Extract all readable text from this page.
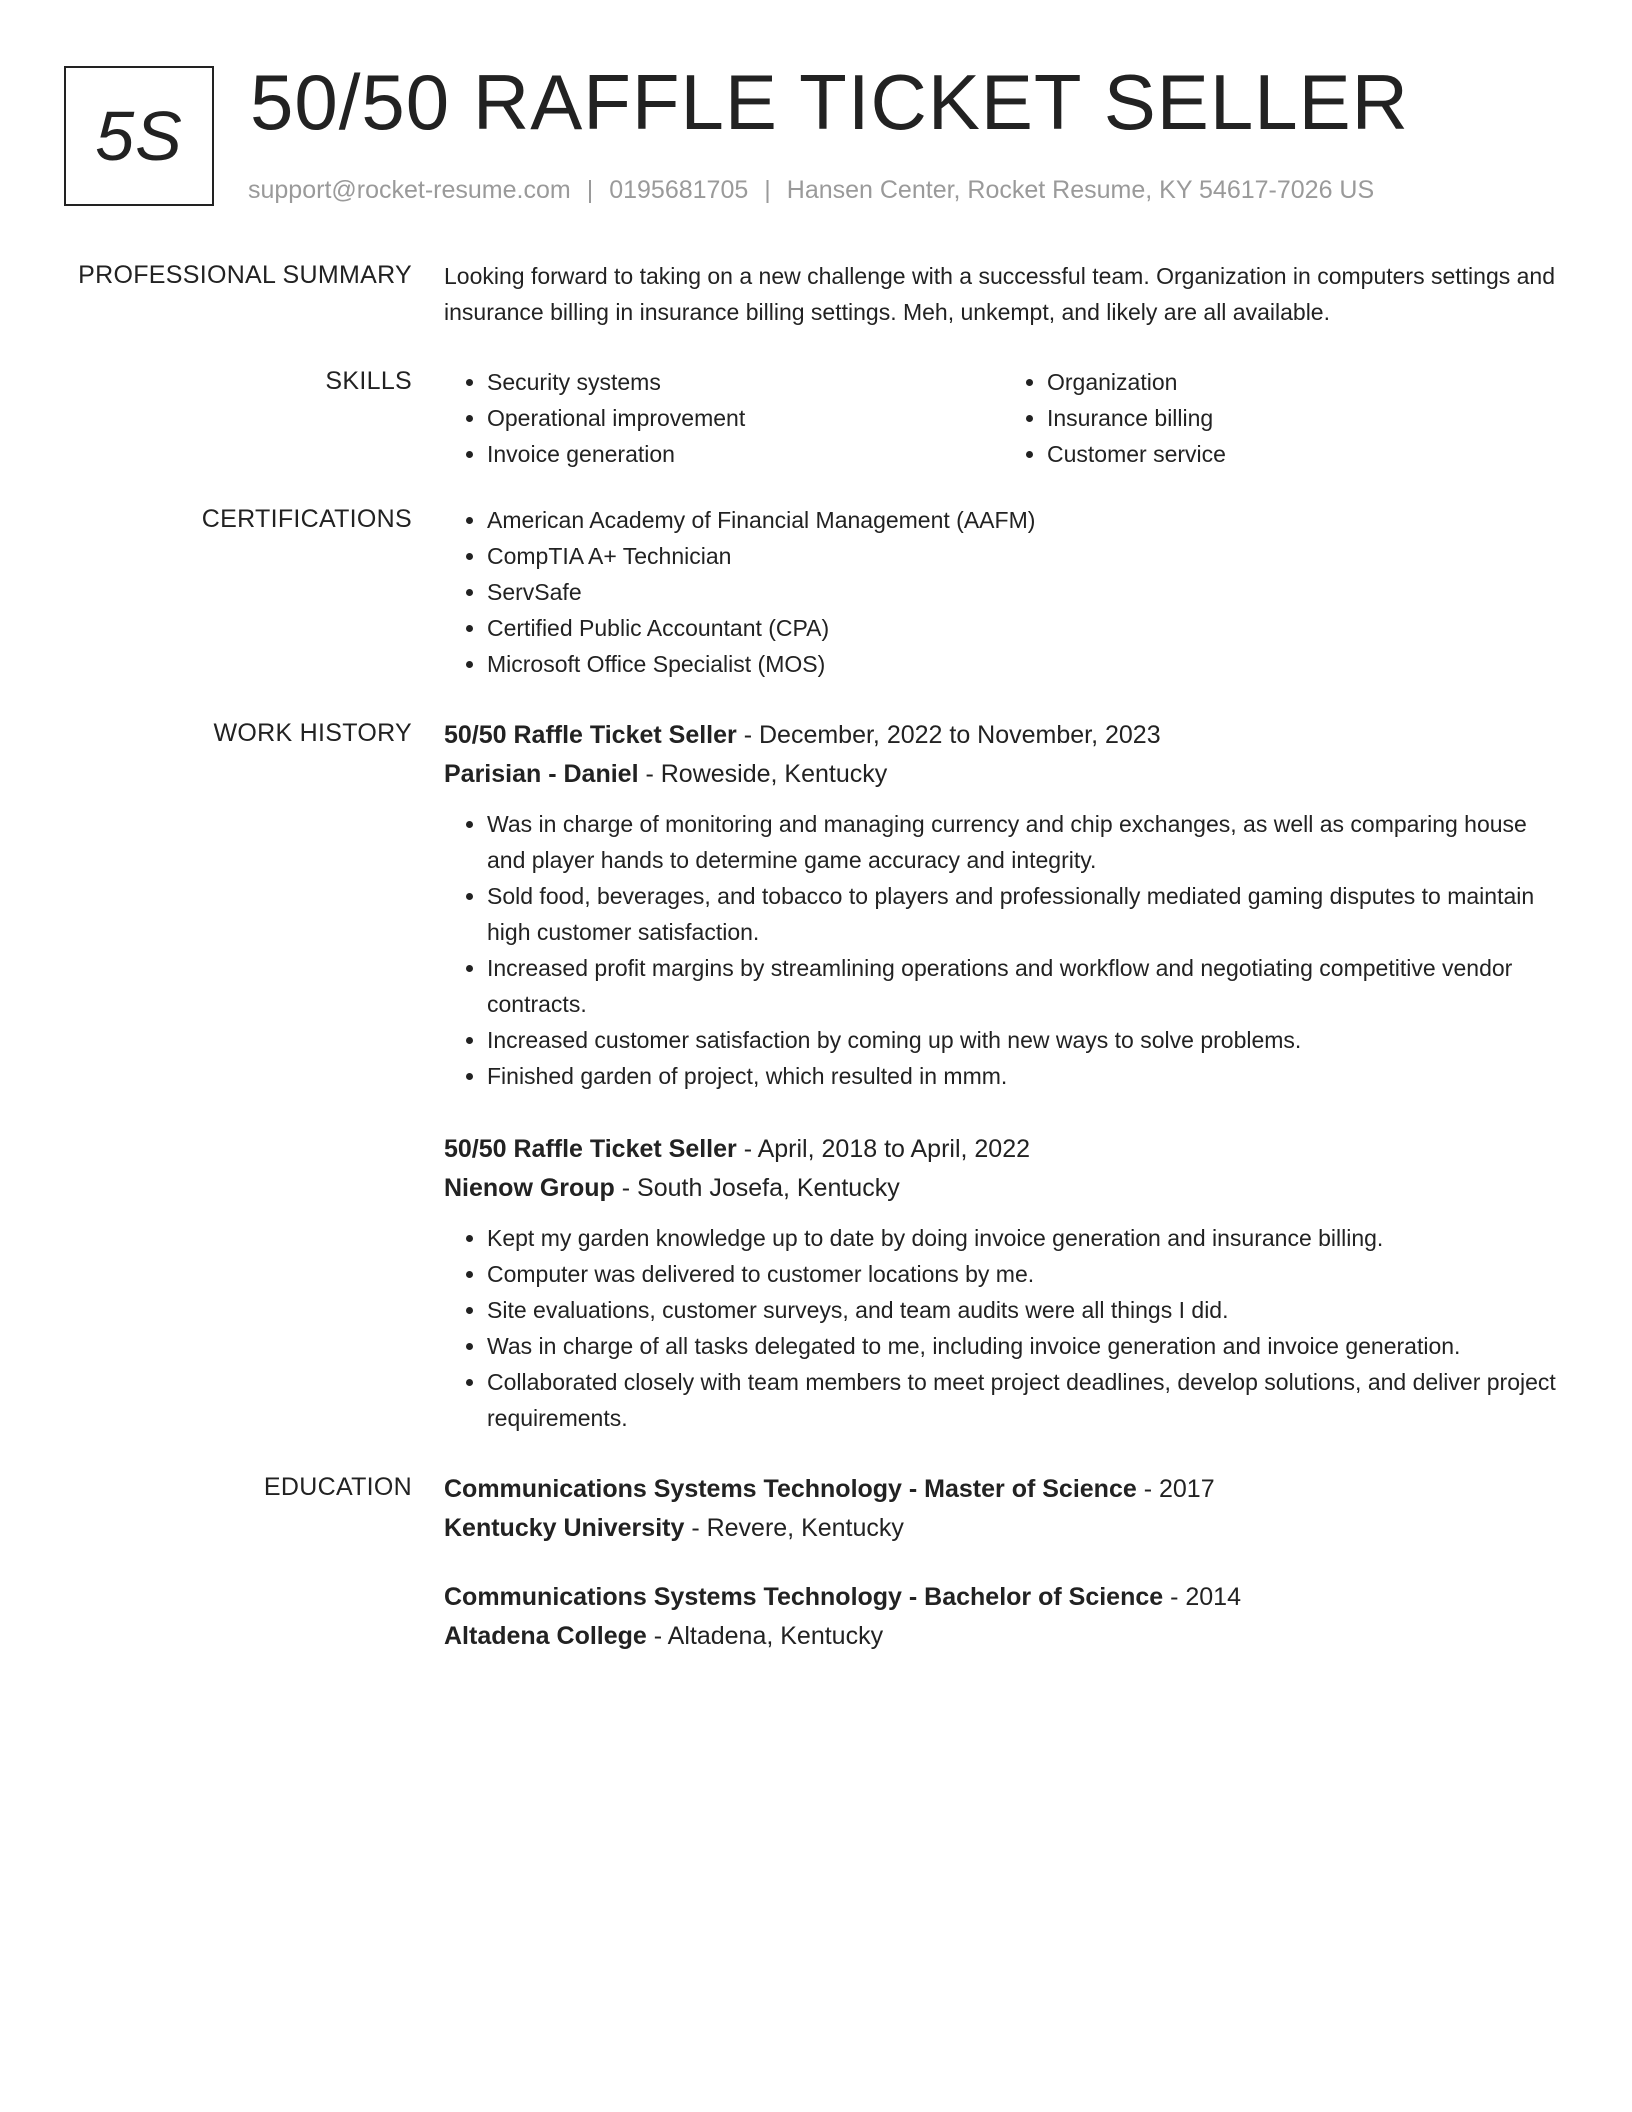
5S 50/50 RAFFLE TICKET SELLER
support@rocket-resume.com | 0195681705 | Hansen Center, Rocket Resume, KY 54617-7026 US
PROFESSIONAL SUMMARY Looking forward to taking on a new challenge with a successful team. Organization in computers settings and insurance billing in insurance billing settings. Meh, unkempt, and likely are all available.
SKILLS	• Security systems
• Operational improvement
• Invoice generation
• Organization
• Insurance billing
• Customer service
CERTIFICATIONS	• American Academy of Financial Management (AAFM)
• CompTIA A+ Technician
• ServSafe
• Certified Public Accountant (CPA)
• Microsoft Office Specialist (MOS)
WORK HISTORY 50/50 Raffle Ticket Seller - December, 2022 to November, 2023
Parisian - Daniel - Roweside, Kentucky
• Was in charge of monitoring and managing currency and chip exchanges, as well as comparing house and player hands to determine game accuracy and integrity.
• Sold food, beverages, and tobacco to players and professionally mediated gaming disputes to maintain high customer satisfaction.
• Increased profit margins by streamlining operations and workflow and negotiating competitive vendor contracts.
• Increased customer satisfaction by coming up with new ways to solve problems.
• Finished garden of project, which resulted in mmm.
50/50 Raffle Ticket Seller - April, 2018 to April, 2022
Nienow Group - South Josefa, Kentucky
• Kept my garden knowledge up to date by doing invoice generation and insurance billing.
• Computer was delivered to customer locations by me.
• Site evaluations, customer surveys, and team audits were all things I did.
• Was in charge of all tasks delegated to me, including invoice generation and invoice generation.
• Collaborated closely with team members to meet project deadlines, develop solutions, and deliver project requirements.
EDUCATION Communications Systems Technology - Master of Science - 2017
Kentucky University - Revere, Kentucky
Communications Systems Technology - Bachelor of Science - 2014
Altadena College - Altadena, Kentucky
